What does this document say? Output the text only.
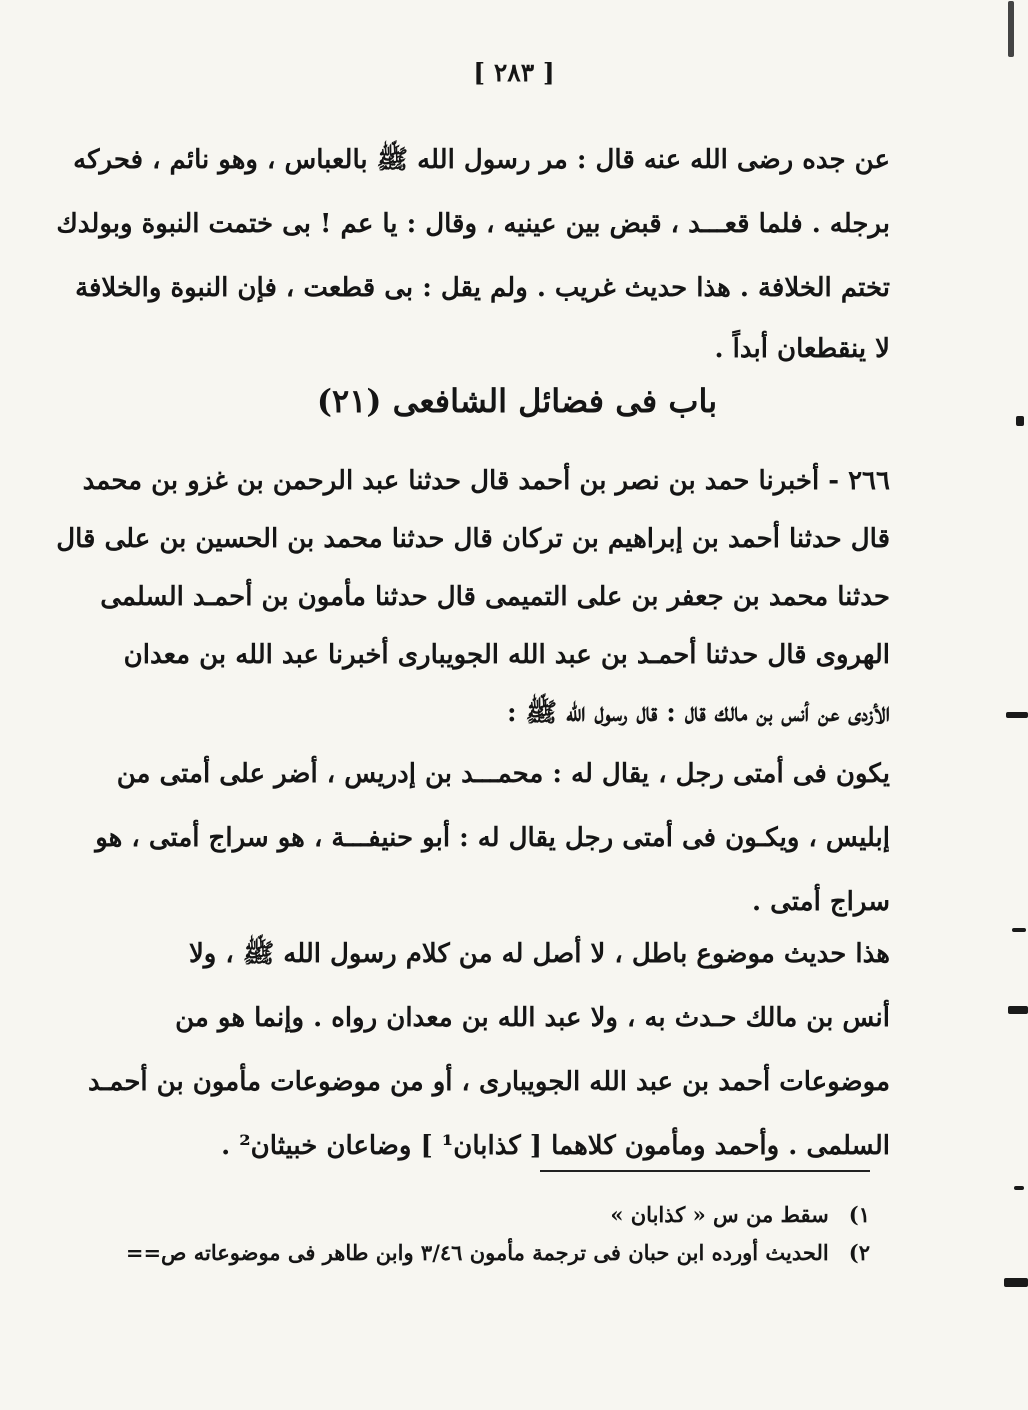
[ ٢٨٣ ]
عن جده رضى الله عنه قال : مر رسول الله ﷺ بالعباس ، وهو نائم ، فحركه
برجله . فلما قعـــد ، قبض بين عينيه ، وقال : يا عم ! بى ختمت النبوة وبولدك
تختم الخلافة . هذا حديث غريب . ولم يقل : بى قطعت ، فإن النبوة والخلافة
لا ينقطعان أبداً .
باب فى فضائل الشافعى (٢١)
٢٦٦ - أخبرنا حمد بن نصر بن أحمد قال حدثنا عبد الرحمن بن غزو بن محمد
قال حدثنا أحمد بن إبراهيم بن تركان قال حدثنا محمد بن الحسين بن على قال
حدثنا محمد بن جعفر بن على التميمى قال حدثنا مأمون بن أحمـد السلمى
الهروى قال حدثنا أحمـد بن عبد الله الجويبارى أخبرنا عبد الله بن معدان
الأزدى عن أنس بن مالك قال : قال رسول الله ﷺ :
يكون فى أمتى رجل ، يقال له : محمـــد بن إدريس ، أضر على أمتى من
إبليس ، ويكـون فى أمتى رجل يقال له : أبو حنيفـــة ، هو سراج أمتى ، هو
سراج أمتى .
هذا حديث موضوع باطل ، لا أصل له من كلام رسول الله ﷺ ، ولا
أنس بن مالك حـدث به ، ولا عبد الله بن معدان رواه . وإنما هو من
موضوعات أحمد بن عبد الله الجويبارى ، أو من موضوعات مأمون بن أحمـد
السلمى . وأحمد ومأمون كلاهما [ كذابان¹ ] وضاعان خبيثان² .
١) سقط من س « كذابان »
٢) الحديث أورده ابن حبان فى ترجمة مأمون ٣/٤٦ وابن طاهر فى موضوعاته ص==
